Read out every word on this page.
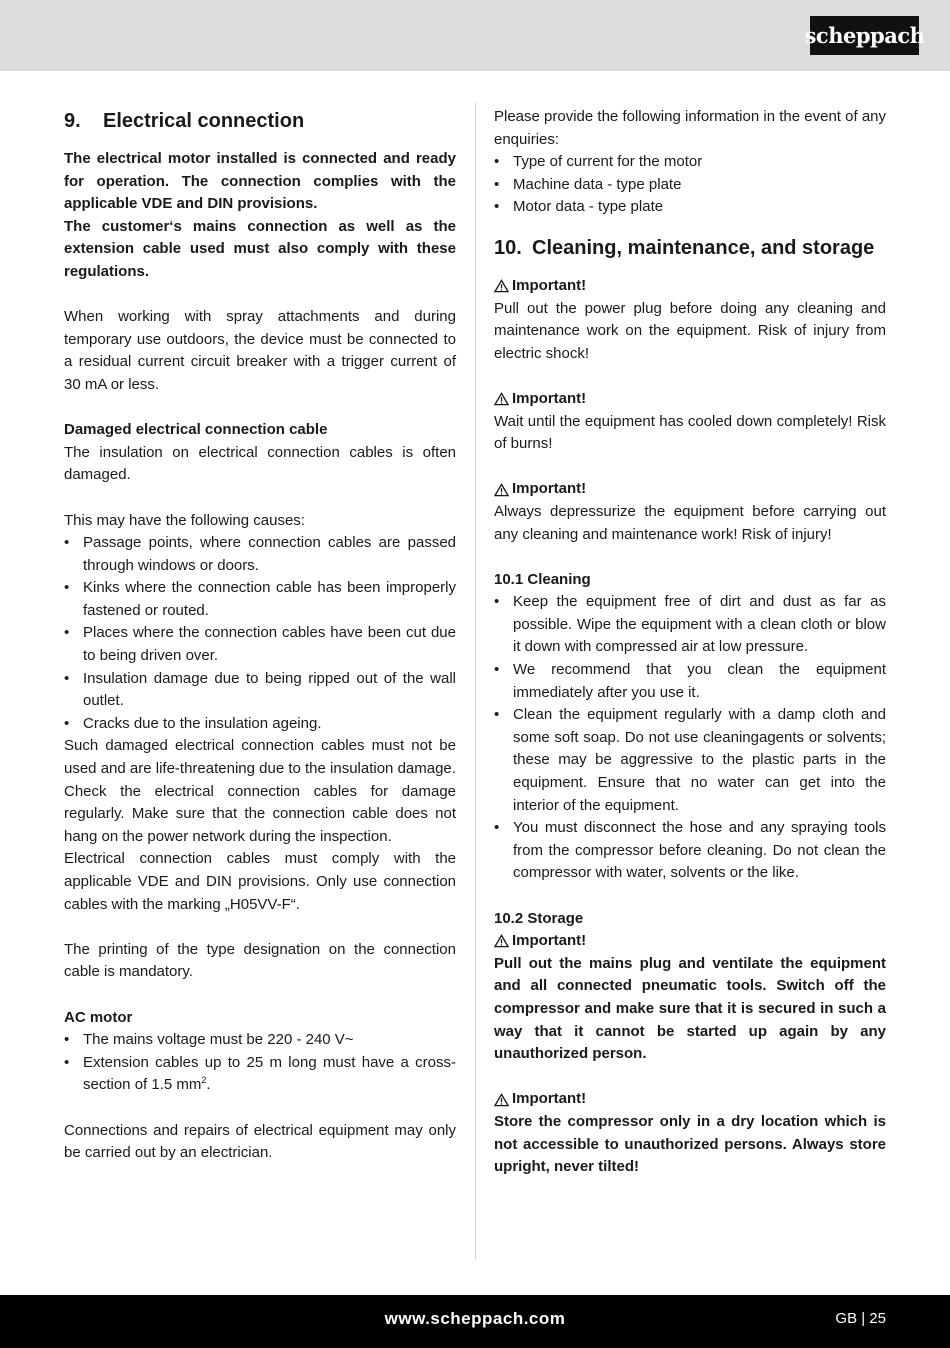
scheppach
9. Electrical connection

The electrical motor installed is connected and ready for operation. The connection complies with the applicable VDE and DIN provisions.

The customer‘s mains connection as well as the extension cable used must also comply with these regulations.

When working with spray attachments and during temporary use outdoors, the device must be connected to a residual current circuit breaker with a trigger current of 30 mA or less.

Damaged electrical connection cable

The insulation on electrical connection cables is often damaged.

This may have the following causes:

• Passage points, where connection cables are passed through windows or doors.
• Kinks where the connection cable has been improperly fastened or routed.
• Places where the connection cables have been cut due to being driven over.
• Insulation damage due to being ripped out of the wall outlet.
• Cracks due to the insulation ageing.

Such damaged electrical connection cables must not be used and are life-threatening due to the insulation damage.

Check the electrical connection cables for damage regularly. Make sure that the connection cable does not hang on the power network during the inspection.

Electrical connection cables must comply with the applicable VDE and DIN provisions. Only use connection cables with the marking „H05VV-F“.

The printing of the type designation on the connection cable is mandatory.

AC motor

• The mains voltage must be 220 - 240 V~
• Extension cables up to 25 m long must have a cross-section of 1.5 $mm^2$.

Connections and repairs of electrical equipment may only be carried out by an electrician.

Please provide the following information in the event of any enquiries:

• Type of current for the motor
• Machine data - type plate
• Motor data - type plate
10. Cleaning, maintenance, and storage
Important!

Pull out the power plug before doing any cleaning and maintenance work on the equipment. Risk of injury from electric shock!

Important!

Wait until the equipment has cooled down completely! Risk of burns!

Important!

Always depressurize the equipment before carrying out any cleaning and maintenance work! Risk of injury!

10.1 Cleaning

• Keep the equipment free of dirt and dust as far as possible. Wipe the equipment with a clean cloth or blow it down with compressed air at low pressure.
• We recommend that you clean the equipment immediately after you use it.
• Clean the equipment regularly with a damp cloth and some soft soap. Do not use cleaningagents or solvents; these may be aggressive to the plastic parts in the equipment. Ensure that no water can get into the interior of the equipment.
• You must disconnect the hose and any spraying tools from the compressor before cleaning. Do not clean the compressor with water, solvents or the like.

10.2 Storage

Important!

Pull out the mains plug and ventilate the equipment and all connected pneumatic tools. Switch off the compressor and make sure that it is secured in such a way that it cannot be started up again by any unauthorized person.

Important!

Store the compressor only in a dry location which is not accessible to unauthorized persons. Always store upright, never tilted!

www.scheppach.com	GB | 25
